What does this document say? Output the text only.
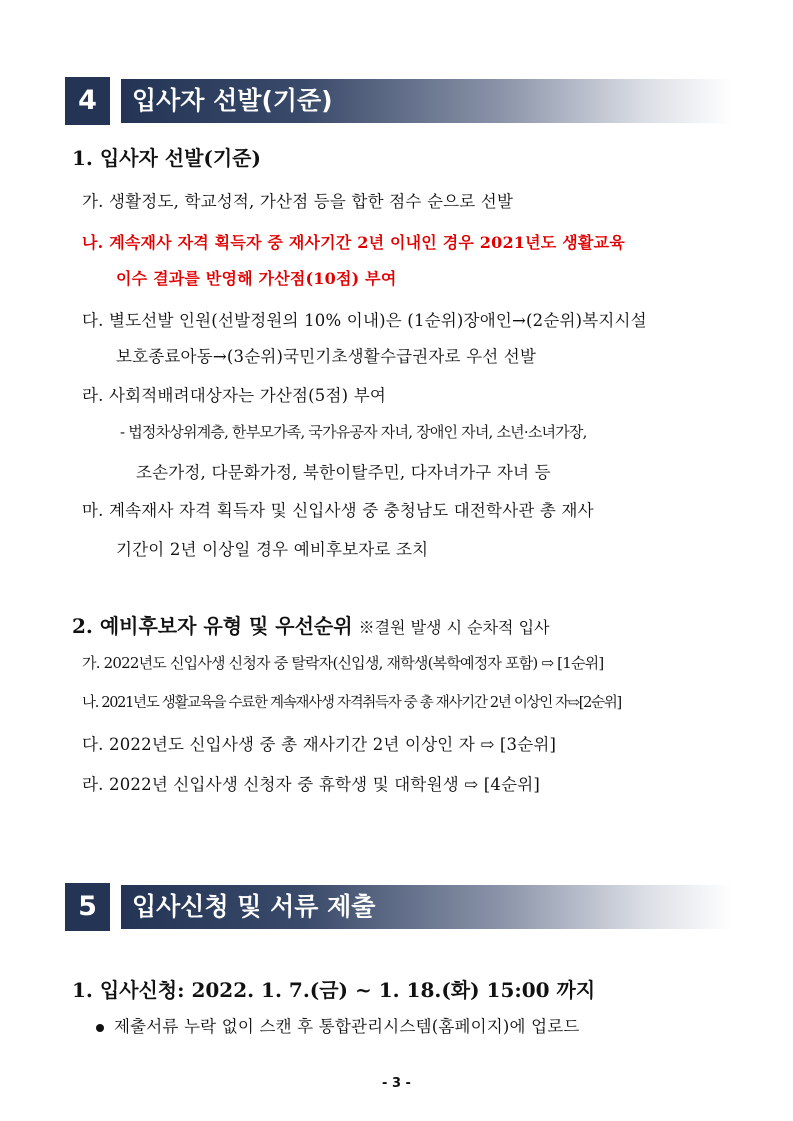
4	입사자 선발(기준)
1. 입사자 선발(기준)
가. 생활정도, 학교성적, 가산점 등을 합한 점수 순으로 선발
나. 계속재사 자격 획득자 중 재사기간 2년 이내인 경우 2021년도 생활교육
이수 결과를 반영해 가산점(10점) 부여
다. 별도선발 인원(선발정원의 10% 이내)은 (1순위)장애인→(2순위)복지시설
보호종료아동→(3순위)국민기초생활수급권자로 우선 선발
라. 사회적배려대상자는 가산점(5점) 부여
- 법정차상위계층, 한부모가족, 국가유공자 자녀, 장애인 자녀, 소년·소녀가장,
조손가정, 다문화가정, 북한이탈주민, 다자녀가구 자녀 등
마. 계속재사 자격 획득자 및 신입사생 중 충청남도 대전학사관 총 재사
기간이 2년 이상일 경우 예비후보자로 조치
2. 예비후보자 유형 및 우선순위 ※결원 발생 시 순차적 입사
가. 2022년도 신입사생 신청자 중 탈락자(신입생, 재학생(복학예정자 포함) ⇨ [1순위]
나. 2021년도 생활교육을 수료한 계속재사생 자격취득자 중 총 재사기간 2년 이상인 자⇨[2순위]
다. 2022년도 신입사생 중 총 재사기간 2년 이상인 자 ⇨ [3순위]
라. 2022년 신입사생 신청자 중 휴학생 및 대학원생 ⇨ [4순위]
5	입사신청 및 서류 제출
1. 입사신청: 2022. 1. 7.(금) ~ 1. 18.(화) 15:00 까지
제출서류 누락 없이 스캔 후 통합관리시스템(홈페이지)에 업로드
- 3 -
